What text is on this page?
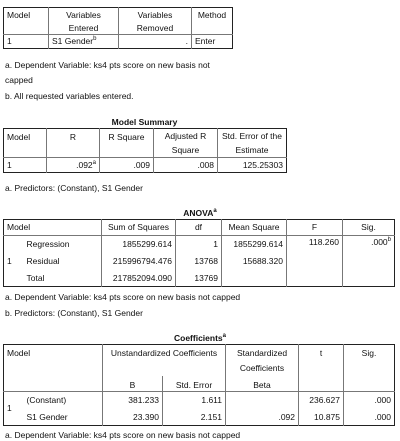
Model	Variables	Variables	Method
	Entered	Removed	
1	S1 Gender$^b$	.	Enter
a. Dependent Variable: ks4 pts score on new basis not
capped
b. All requested variables entered.
Model Summary
Model	R	R Square	Adjusted R	Std. Error of the
			Square	Estimate
1	.092$^a$	.009	.008	125.25303
a. Predictors: (Constant), S1 Gender
ANOVA$^a$
Model		Sum of Squares	df	Mean Square	F	Sig.
1	Regression	1855299.614	1	1855299.614	118.260	.000$^b$
	Residual	215996794.476	13768	15688.320		
	Total	217852094.090	13769			
a. Dependent Variable: ks4 pts score on new basis not capped
b. Predictors: (Constant), S1 Gender
Coefficients$^a$
Model		Unstandardized Coefficients		Standardized	t	Sig.
				Coefficients		
		B	Std. Error	Beta		
1	(Constant)	381.233	1.611		236.627	.000
	S1 Gender	23.390	2.151	.092	10.875	.000
a. Dependent Variable: ks4 pts score on new basis not capped
